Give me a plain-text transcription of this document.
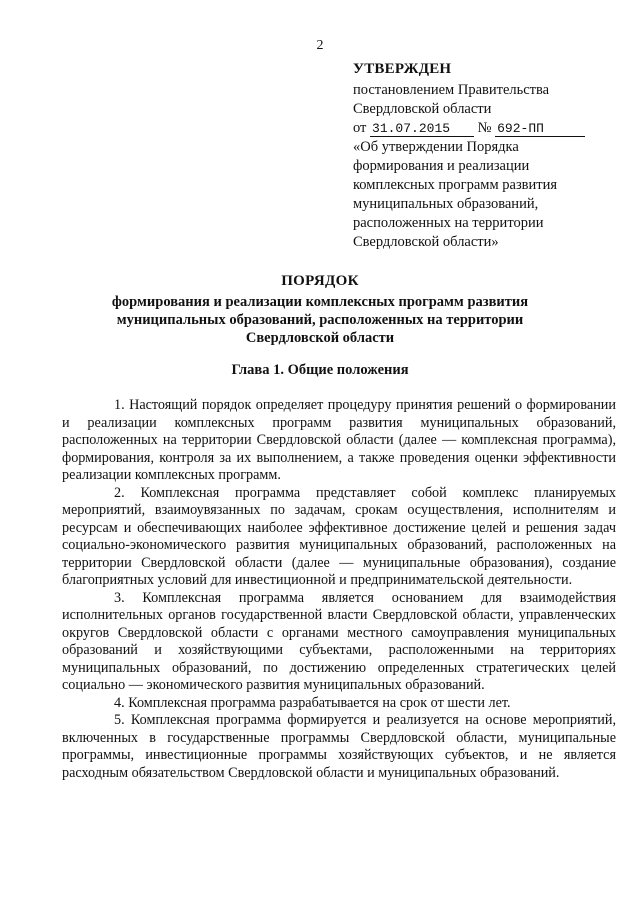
2
УТВЕРЖДЕН
постановлением Правительства
Свердловской области
от 31.07.2015 № 692-ПП
«Об утверждении Порядка
формирования и реализации
комплексных программ развития
муниципальных образований,
расположенных на территории
Свердловской области»
ПОРЯДОК
формирования и реализации комплексных программ развития муниципальных образований, расположенных на территории Свердловской области
Глава 1. Общие положения

1. Настоящий порядок определяет процедуру принятия решений о формировании и реализации комплексных программ развития муниципальных образований, расположенных на территории Свердловской области (далее — комплексная программа), формирования, контроля за их выполнением, а также проведения оценки эффективности реализации комплексных программ.

2. Комплексная программа представляет собой комплекс планируемых мероприятий, взаимоувязанных по задачам, срокам осуществления, исполнителям и ресурсам и обеспечивающих наиболее эффективное достижение целей и решения задач социально-экономического развития муниципальных образований, расположенных на территории Свердловской области (далее — муниципальные образования), создание благоприятных условий для инвестиционной и предпринимательской деятельности.

3. Комплексная программа является основанием для взаимодействия исполнительных органов государственной власти Свердловской области, управленческих округов Свердловской области с органами местного самоуправления муниципальных образований и хозяйствующими субъектами, расположенными на территориях муниципальных образований, по достижению определенных стратегических целей социально — экономического развития муниципальных образований.

4. Комплексная программа разрабатывается на срок от шести лет.

5. Комплексная программа формируется и реализуется на основе мероприятий, включенных в государственные программы Свердловской области, муниципальные программы, инвестиционные программы хозяйствующих субъектов, и не является расходным обязательством Свердловской области и муниципальных образований.
